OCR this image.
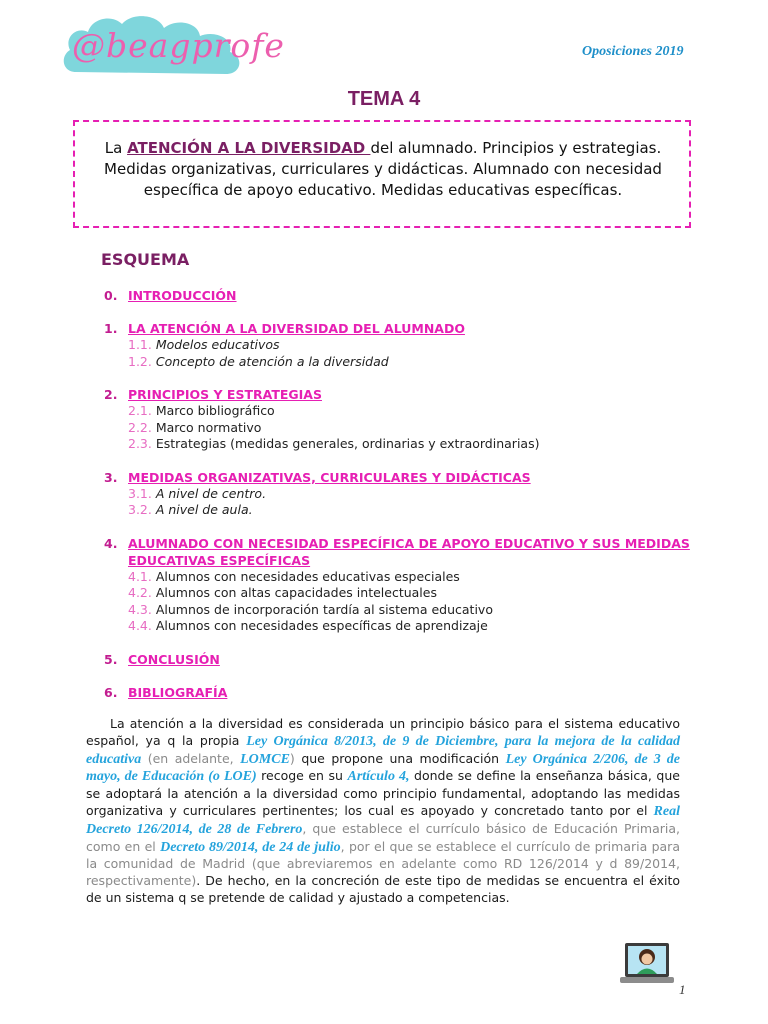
@beagprofe	Oposiciones 2019
TEMA 4
La ATENCIÓN A LA DIVERSIDAD del alumnado. Principios y estrategias. Medidas organizativas, curriculares y didácticas. Alumnado con necesidad específica de apoyo educativo. Medidas educativas específicas.
ESQUEMA
0. INTRODUCCIÓN
1. LA ATENCIÓN A LA DIVERSIDAD DEL ALUMNADO
1.1. Modelos educativos
1.2. Concepto de atención a la diversidad
2. PRINCIPIOS Y ESTRATEGIAS
2.1. Marco bibliográfico
2.2. Marco normativo
2.3. Estrategias (medidas generales, ordinarias y extraordinarias)
3. MEDIDAS ORGANIZATIVAS, CURRICULARES Y DIDÁCTICAS
3.1. A nivel de centro.
3.2. A nivel de aula.
4. ALUMNADO CON NECESIDAD ESPECÍFICA DE APOYO EDUCATIVO Y SUS MEDIDAS EDUCATIVAS ESPECÍFICAS
4.1. Alumnos con necesidades educativas especiales
4.2. Alumnos con altas capacidades intelectuales
4.3. Alumnos de incorporación tardía al sistema educativo
4.4. Alumnos con necesidades específicas de aprendizaje
5. CONCLUSIÓN
6. BIBLIOGRAFÍA
La atención a la diversidad es considerada un principio básico para el sistema educativo español, ya q la propia Ley Orgánica 8/2013, de 9 de Diciembre, para la mejora de la calidad educativa (en adelante, LOMCE) que propone una modificación Ley Orgánica 2/206, de 3 de mayo, de Educación (o LOE) recoge en su Artículo 4, donde se define la enseñanza básica, que se adoptará la atención a la diversidad como principio fundamental, adoptando las medidas organizativa y curriculares pertinentes; los cual es apoyado y concretado tanto por el Real Decreto 126/2014, de 28 de Febrero, que establece el currículo básico de Educación Primaria, como en el Decreto 89/2014, de 24 de julio, por el que se establece el currículo de primaria para la comunidad de Madrid (que abreviaremos en adelante como RD 126/2014 y d 89/2014, respectivamente). De hecho, en la concreción de este tipo de medidas se encuentra el éxito de un sistema q se pretende de calidad y ajustado a competencias.
1
